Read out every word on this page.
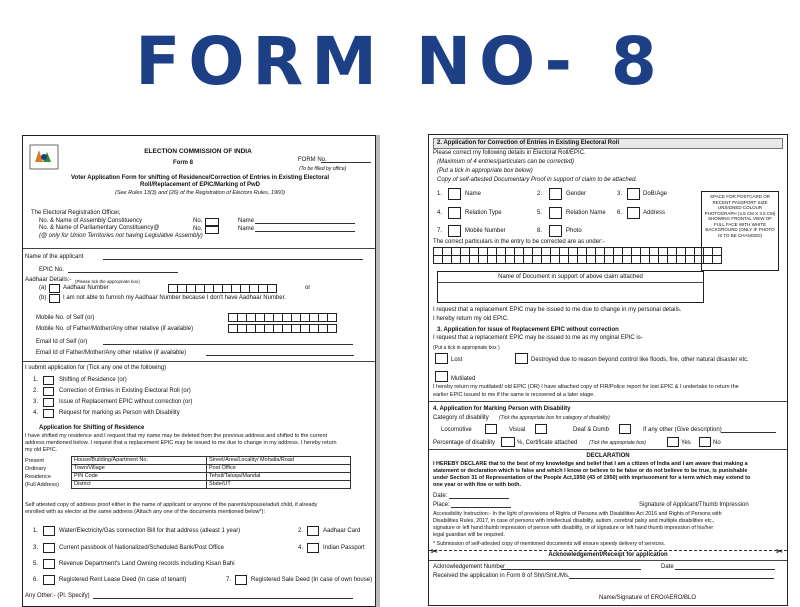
FORM NO- 8
ELECTION COMMISSION OF INDIA
Form 8	FORM No.
(To be filled by office)
Voter Application Form for shifting of Residence/Correction of Entries in Existing Electoral
Roll/Replacement of EPIC/Marking of PwD
(See Rules 13(3) and (26) of the Registration of Electors Rules, 1960)
The Electoral Registration Officer,
No. & Name of Assembly Constituency
No. & Name of Parliamentary Constituency@
(@ only for Union Territories not having Legislative Assembly)
No.	Name
No.	Name
Name of the applicant
EPIC No.
Aadhaar Details:- (Please tick the appropriate box)
(a)	Aadhaar Number	or
(b)	I am not able to furnish my Aadhaar Number because I don't have Aadhaar Number.
Mobile No. of Self (or)
Mobile No. of Father/Mother/Any other relative (if available)
Email Id of Self (or)
Email Id of Father/Mother/Any other relative (if available)
I submit application for (Tick any one of the following)
1.	Shifting of Residence (or)
2.	Correction of Entries in Existing Electoral Roll (or)
3.	Issue of Replacement EPIC without correction (or)
4.	Request for marking as Person with Disability
Application for Shifting of Residence
I have shifted my residence and I request that my name may be deleted from the previous address and shifted to the current
address mentioned below. I request that a replacement EPIC may be issued to me due to change in my address. I hereby return
my old EPIC.
Present
Ordinary
Residence
(Full Address)
House/Building/Apartment No.	Street/Area/Locality/ Mohalla/Road
Town/Village	Post Office
PIN Code	Tehsil/Taluqa/Mandal
District	State/UT
Self attested copy of address proof either in the name of applicant or anyone of the parents/spouse/adult child, if already
enrolled with as elector at the same address (Attach any one of the documents mentioned below*):
1.	Water/Electricity/Gas connection Bill for that address (atleast 1 year)	2.	Aadhaar Card
3.	Current passbook of Nationalized/Scheduled Bank/Post Office	4.	Indian Passport
5.	Revenue Department's Land Owning records including Kisan Bahi
6.	Registered Rent Lease Deed (In case of tenant)	7.	Registered Sale Deed (In case of own house)
Any Other:- (Pl. Specify)
2. Application for Correction of Entries in Existing Electoral Roll
Please correct my following details in Electoral Roll/EPIC.
(Maximum of 4 entries/particulars can be corrected)
(Put a tick in appropriate box below)
Copy of self-attested Documentary Proof in support of claim to be attached.
1.	Name	2.	Gender	3.	DoB/Age
4.	Relation Type	5.	Relation Name 6.	Address
7.	Mobile Number	8.	Photo
SPACE FOR POSTCARD OR RECENT PASSPORT SIZE UNSIGNED COLOUR PHOTOGRAPH (4.5 CM X 3.5 CM) SHOWING FRONTAL VIEW OF FULL FACE WITH WHITE BACKGROUND (ONLY IF PHOTO IS TO BE CHANGED)
The correct particulars in the entry to be corrected are as under:-
Name of Document in support of above claim attached
I request that a replacement EPIC may be issued to me due to change in my personal details.
I hereby return my old EPIC.
3. Application for issue of Replacement EPIC without correction
I request that a replacement EPIC may be issued to me as my original EPIC is-
(Put a tick in appropriate box )
Lost	Destroyed due to reason beyond control like floods, fire, other natural disaster etc.
Mutilated
I hereby return my mutilated/ old EPIC (OR) I have attached copy of FIR/Police report for lost EPIC & I undertake to return the
earlier EPIC issued to me if the same is recovered at a later stage.
4. Application for Marking Person with Disability
Category of disability (Tick the appropriate box for category of disability)
Locomotive	Visual	Deaf & Dumb	If any other (Give description)
Percentage of disability	%, Certificate attached (Tick the appropriate box)	Yes	No
DECLARATION
I HEREBY DECLARE that to the best of my knowledge and belief that I am a citizen of India and I am aware that making a
statement or declaration which is false and which I know or believe to be false or do not believe to be true, is punishable
under Section 31 of Representation of the People Act,1950 (43 of 1950) with imprisonment for a term which may extend to
one year or with fine or with both.
Date:
Place:	Signature of Applicant/Thumb Impression
Accessibility Instruction:- In the light of provisions of Rights of Persons with Disabilities Act 2016 and Rights of Persons with
Disabilities Rules, 2017, in case of persons with intellectual disability, autism, cerebral palsy and multiple disabilities etc.,
signature or left hand thumb impression of person with disability, or of signature or left hand thumb impression of his/her
legal guardian will be required.
* Submission of self-attested copy of mentioned documents will ensure speedy delivery of services.
✂	Acknowledgement/Receipt for application	✂
Acknowledgement Number	Date
Received the application in Form 8 of Shri/Smt./Ms.
Name/Signature of ERO/AERO/BLO
